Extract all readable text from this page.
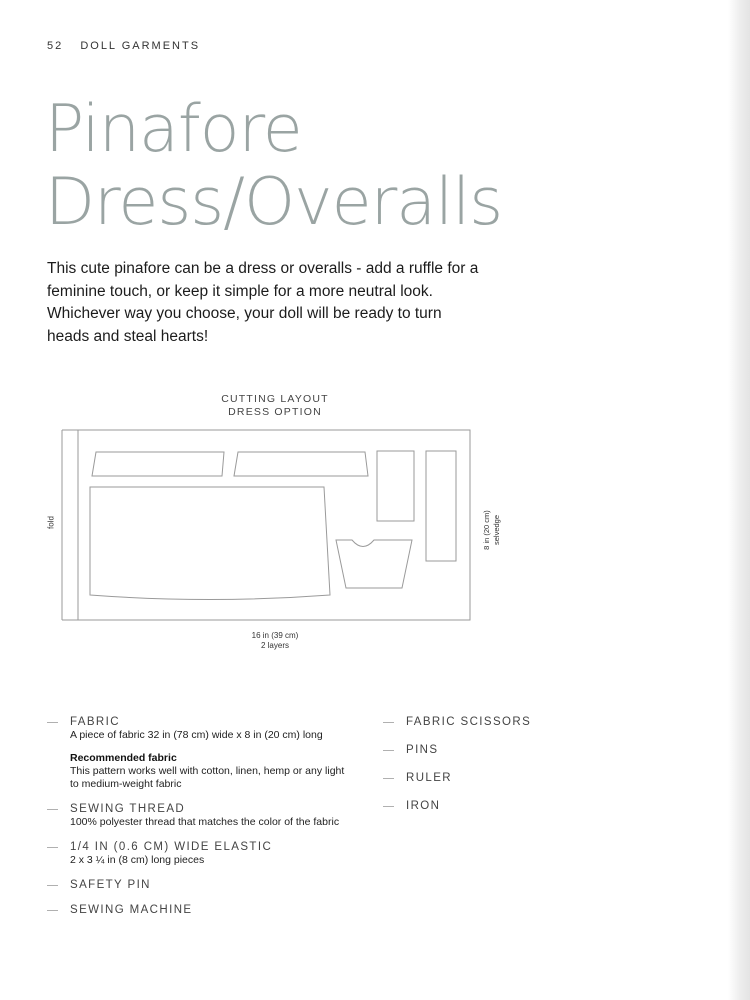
52 DOLL GARMENTS
Pinafore
Dress/Overalls

This cute pinafore can be a dress or overalls - add a ruffle for a feminine touch, or keep it simple for a more neutral look. Whichever way you choose, your doll will be ready to turn heads and steal hearts!

CUTTING LAYOUT
DRESS OPTION
fold	8 in (20 cm) selvedge
16 in (39 cm)
2 layers
FABRIC
A piece of fabric 32 in (78 cm) wide x 8 in (20 cm) long
Recommended fabric
This pattern works well with cotton, linen, hemp or any light to medium-weight fabric
SEWING THREAD
100% polyester thread that matches the color of the fabric
1/4 IN (0.6 CM) WIDE ELASTIC
2 x 3 ¼ in (8 cm) long pieces
SAFETY PIN
SEWING MACHINE
FABRIC SCISSORS
PINS
RULER
IRON
